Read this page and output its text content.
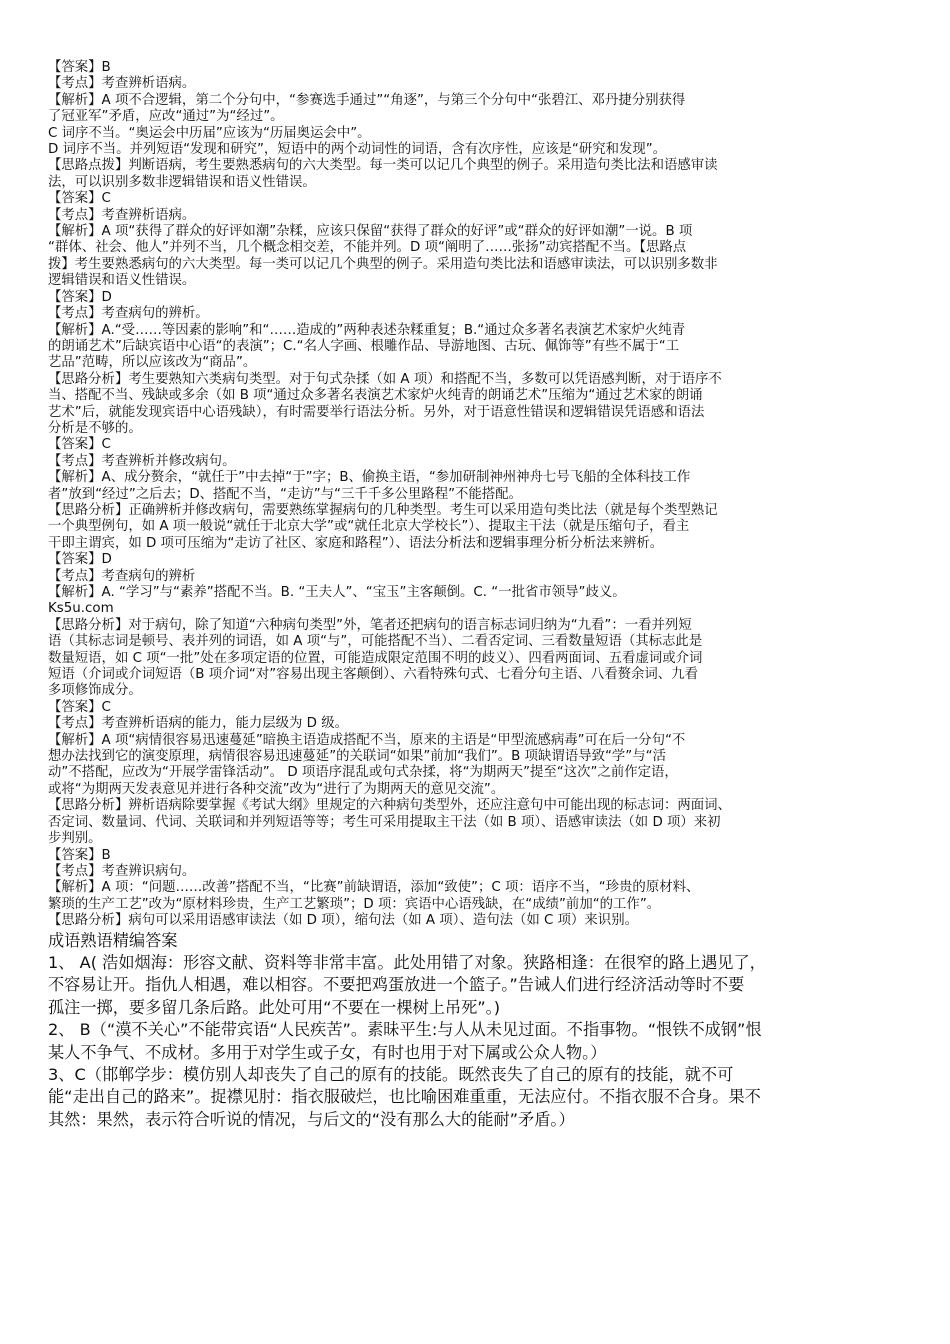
【答案】B

【考点】考查辨析语病。

【解析】A 项不合逻辑，第二个分句中，“参赛选手通过”“角逐”，与第三个分句中“张碧江、邓丹捷分别获得

了冠亚军”矛盾，应改“通过”为“经过”。

C 词序不当。“奥运会中历届”应该为“历届奥运会中”。

D 词序不当。并列短语“发现和研究”，短语中的两个动词性的词语，含有次序性，应该是“研究和发现”。

【思路点拨】判断语病，考生要熟悉病句的六大类型。每一类可以记几个典型的例子。采用造句类比法和语感审读

法，可以识别多数非逻辑错误和语义性错误。

【答案】C

【考点】考查辨析语病。

【解析】A 项“获得了群众的好评如潮”杂糅，应该只保留“获得了群众的好评”或“群众的好评如潮”一说。B 项

“群体、社会、他人”并列不当，几个概念相交差，不能并列。D 项“阐明了……张扬”动宾搭配不当。【思路点

拨】考生要熟悉病句的六大类型。每一类可以记几个典型的例子。采用造句类比法和语感审读法，可以识别多数非

逻辑错误和语义性错误。

【答案】D

【考点】考查病句的辨析。

【解析】A.“受……等因素的影响”和“……造成的”两种表述杂糅重复；B.“通过众多著名表演艺术家炉火纯青

的朗诵艺术”后缺宾语中心语“的表演”；C.“名人字画、根雕作品、导游地图、古玩、佩饰等”有些不属于“工

艺品”范畴，所以应该改为“商品”。

【思路分析】考生要熟知六类病句类型。对于句式杂揉（如 A 项）和搭配不当，多数可以凭语感判断，对于语序不

当、搭配不当、残缺或多余（如 B 项“通过众多著名表演艺术家炉火纯青的朗诵艺术”压缩为“通过艺术家的朗诵

艺术”后，就能发现宾语中心语残缺），有时需要举行语法分析。另外，对于语意性错误和逻辑错误凭语感和语法

分析是不够的。

【答案】C

【考点】考查辨析并修改病句。

【解析】A、成分赘余，“就任于”中去掉“于”字；B、偷换主语，“参加研制神州神舟七号飞船的全体科技工作

者”放到“经过”之后去；D、搭配不当，“走访”与“三千千多公里路程”不能搭配。

【思路分析】正确辨析并修改病句，需要熟练掌握病句的几种类型。考生可以采用造句类比法（就是每个类型熟记

一个典型例句，如 A 项一般说“就任于北京大学”或“就任北京大学校长”）、提取主干法（就是压缩句子，看主

干即主谓宾，如 D 项可压缩为“走访了社区、家庭和路程”）、语法分析法和逻辑事理分析分析法来辨析。

【答案】D

【考点】考查病句的辨析

【解析】A. “学习”与“素养”搭配不当。B. “王夫人”、“宝玉”主客颠倒。C. “一批省市领导”歧义。

Ks5u.com

【思路分析】对于病句，除了知道“六种病句类型”外，笔者还把病句的语言标志词归纳为“九看”：一看并列短

语（其标志词是顿号、表并列的词语，如 A 项“与”，可能搭配不当）、二看否定词、三看数量短语（其标志此是

数量短语，如 C 项“一批”处在多项定语的位置，可能造成限定范围不明的歧义）、四看两面词、五看虚词或介词

短语（介词或介词短语（B 项介词“对”容易出现主客颠倒）、六看特殊句式、七看分句主语、八看赘余词、九看

多项修饰成分。

【答案】C

【考点】考查辨析语病的能力，能力层级为 D 级。

【解析】A 项“病情很容易迅速蔓延”暗换主语造成搭配不当，原来的主语是“甲型流感病毒”可在后一分句“不

想办法找到它的演变原理，病情很容易迅速蔓延”的关联词“如果”前加“我们”。B 项缺谓语导致“学”与“活

动”不搭配，应改为“开展学雷锋活动”。 D 项语序混乱或句式杂揉，将“为期两天”提至“这次”之前作定语，

或将“为期两天发表意见并进行各种交流”改为“进行了为期两天的意见交流”。

【思路分析】辨析语病除要掌握《考试大纲》里规定的六种病句类型外，还应注意句中可能出现的标志词：两面词、

否定词、数量词、代词、关联词和并列短语等等；考生可采用提取主干法（如 B 项）、语感审读法（如 D 项）来初

步判别。

【答案】B

【考点】考查辨识病句。

【解析】A 项：“问题……改善”搭配不当，“比赛”前缺谓语，添加“致使”；C 项：语序不当，“珍贵的原材料、

繁琐的生产工艺”改为“原材料珍贵，生产工艺繁琐”；D 项：宾语中心语残缺，在“成绩”前加“的工作”。

【思路分析】病句可以采用语感审读法（如 D 项），缩句法（如 A 项）、造句法（如 C 项）来识别。

成语熟语精编答案

1、 A( 浩如烟海：形容文献、资料等非常丰富。此处用错了对象。狭路相逢：在很窄的路上遇见了，

不容易让开。指仇人相遇，难以相容。不要把鸡蛋放进一个篮子。”告诫人们进行经济活动等时不要

孤注一掷，要多留几条后路。此处可用“不要在一棵树上吊死”。)

2、 B（“漠不关心”不能带宾语“人民疾苦”。素昧平生:与人从未见过面。不指事物。“恨铁不成钢”恨

某人不争气、不成材。多用于对学生或子女，有时也用于对下属或公众人物。）

3、C（邯郸学步：模仿别人却丧失了自己的原有的技能。既然丧失了自己的原有的技能，就不可

能“走出自己的路来”。捉襟见肘：指衣服破烂，也比喻困难重重，无法应付。不指衣服不合身。果不

其然：果然，表示符合听说的情况，与后文的“没有那么大的能耐”矛盾。）
